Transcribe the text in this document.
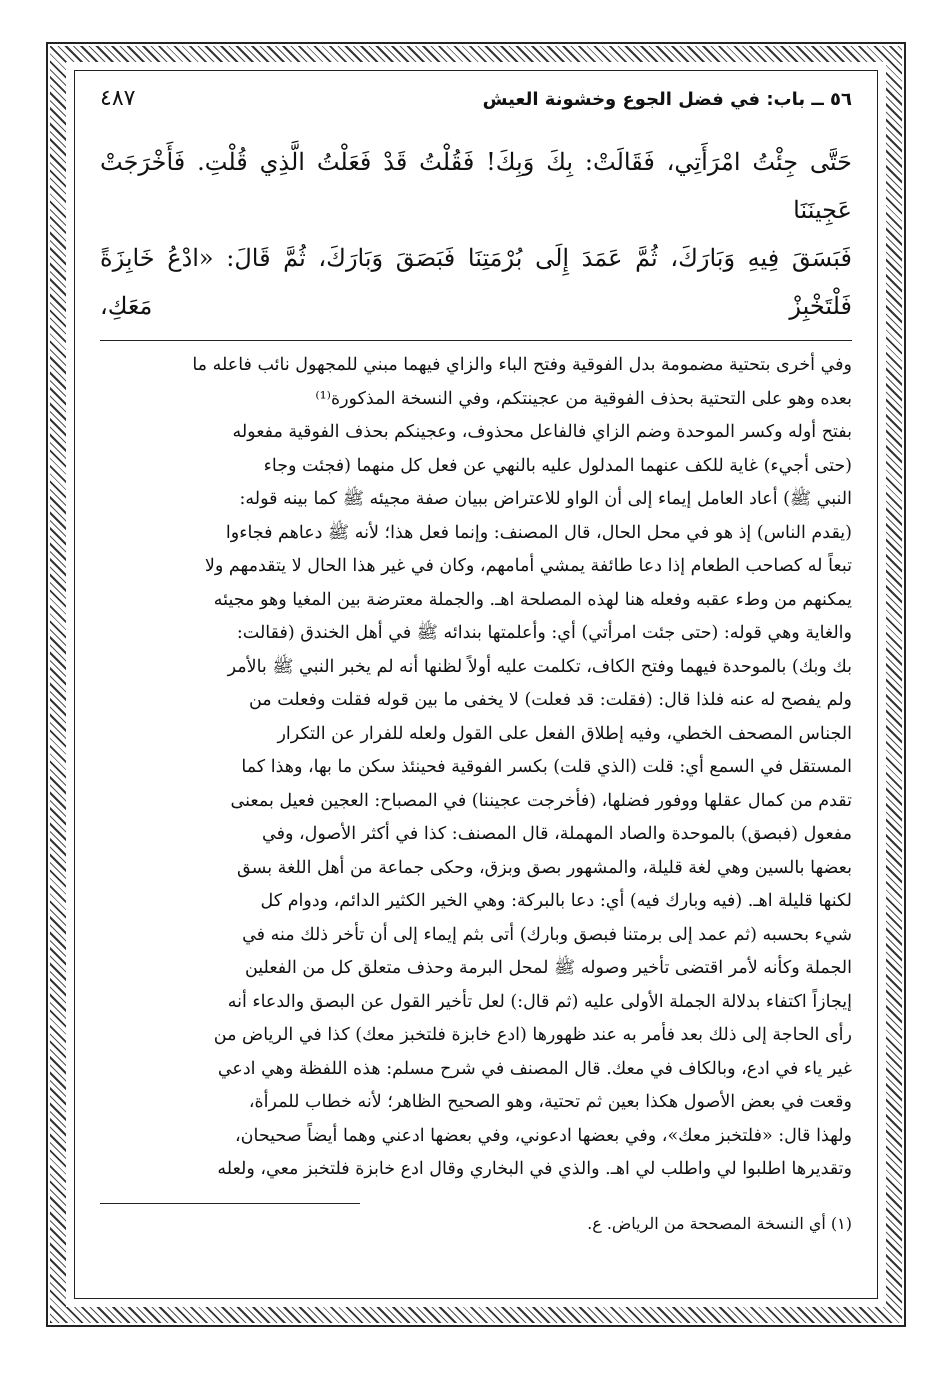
٥٦ ــ باب: في فضل الجوع وخشونة العيش
٤٨٧
حَتَّى جِئْتُ امْرَأَتِي، فَقَالَتْ: بِكَ وَبِكَ! فَقُلْتُ قَدْ فَعَلْتُ الَّذِي قُلْتِ. فَأَخْرَجَتْ عَجِينَنَا
فَبَسَقَ فِيهِ وَبَارَكَ، ثُمَّ عَمَدَ إِلَى بُرْمَتِنَا فَبَصَقَ وَبَارَكَ، ثُمَّ قَالَ: «ادْعُ خَابِزَةً فَلْتَخْبِزْ مَعَكِ،

وفي أخرى بتحتية مضمومة بدل الفوقية وفتح الباء والزاي فيهما مبني للمجهول نائب فاعله ما

بعده وهو على التحتية بحذف الفوقية من عجينتكم، وفي النسخة المذكورة⁽¹⁾

بفتح أوله وكسر الموحدة وضم الزاي فالفاعل محذوف، وعجينكم بحذف الفوقية مفعوله

(حتى أجيء) غاية للكف عنهما المدلول عليه بالنهي عن فعل كل منهما (فجئت وجاء

النبي ﷺ) أعاد العامل إيماء إلى أن الواو للاعتراض ببيان صفة مجيئه ﷺ كما بينه قوله:

(يقدم الناس) إذ هو في محل الحال، قال المصنف: وإنما فعل هذا؛ لأنه ﷺ دعاهم فجاءوا

تبعاً له كصاحب الطعام إذا دعا طائفة يمشي أمامهم، وكان في غير هذا الحال لا يتقدمهم ولا

يمكنهم من وطء عقبه وفعله هنا لهذه المصلحة اهـ. والجملة معترضة بين المغيا وهو مجيئه

والغاية وهي قوله: (حتى جئت امرأتي) أي: وأعلمتها بندائه ﷺ في أهل الخندق (فقالت:

بك وبك) بالموحدة فيهما وفتح الكاف، تكلمت عليه أولاً لظنها أنه لم يخبر النبي ﷺ بالأمر

ولم يفصح له عنه فلذا قال: (فقلت: قد فعلت) لا يخفى ما بين قوله فقلت وفعلت من

الجناس المصحف الخطي، وفيه إطلاق الفعل على القول ولعله للفرار عن التكرار

المستقل في السمع أي: قلت (الذي قلت) بكسر الفوقية فحينئذ سكن ما بها، وهذا كما

تقدم من كمال عقلها ووفور فضلها، (فأخرجت عجيننا) في المصباح: العجين فعيل بمعنى

مفعول (فبصق) بالموحدة والصاد المهملة، قال المصنف: كذا في أكثر الأصول، وفي

بعضها بالسين وهي لغة قليلة، والمشهور بصق وبزق، وحكى جماعة من أهل اللغة بسق

لكنها قليلة اهـ. (فيه وبارك فيه) أي: دعا بالبركة: وهي الخير الكثير الدائم، ودوام كل

شيء بحسبه (ثم عمد إلى برمتنا فبصق وبارك) أتى بثم إيماء إلى أن تأخر ذلك منه في

الجملة وكأنه لأمر اقتضى تأخير وصوله ﷺ لمحل البرمة وحذف متعلق كل من الفعلين

إيجازاً اكتفاء بدلالة الجملة الأولى عليه (ثم قال:) لعل تأخير القول عن البصق والدعاء أنه

رأى الحاجة إلى ذلك بعد فأمر به عند ظهورها (ادع خابزة فلتخبز معك) كذا في الرياض من

غير ياء في ادع، وبالكاف في معك. قال المصنف في شرح مسلم: هذه اللفظة وهي ادعي

وقعت في بعض الأصول هكذا بعين ثم تحتية، وهو الصحيح الظاهر؛ لأنه خطاب للمرأة،

ولهذا قال: «فلتخبز معك»، وفي بعضها ادعوني، وفي بعضها ادعني وهما أيضاً صحيحان،

وتقديرها اطلبوا لي واطلب لي اهـ. والذي في البخاري وقال ادع خابزة فلتخبز معي، ولعله

(١) أي النسخة المصححة من الرياض. ع.
